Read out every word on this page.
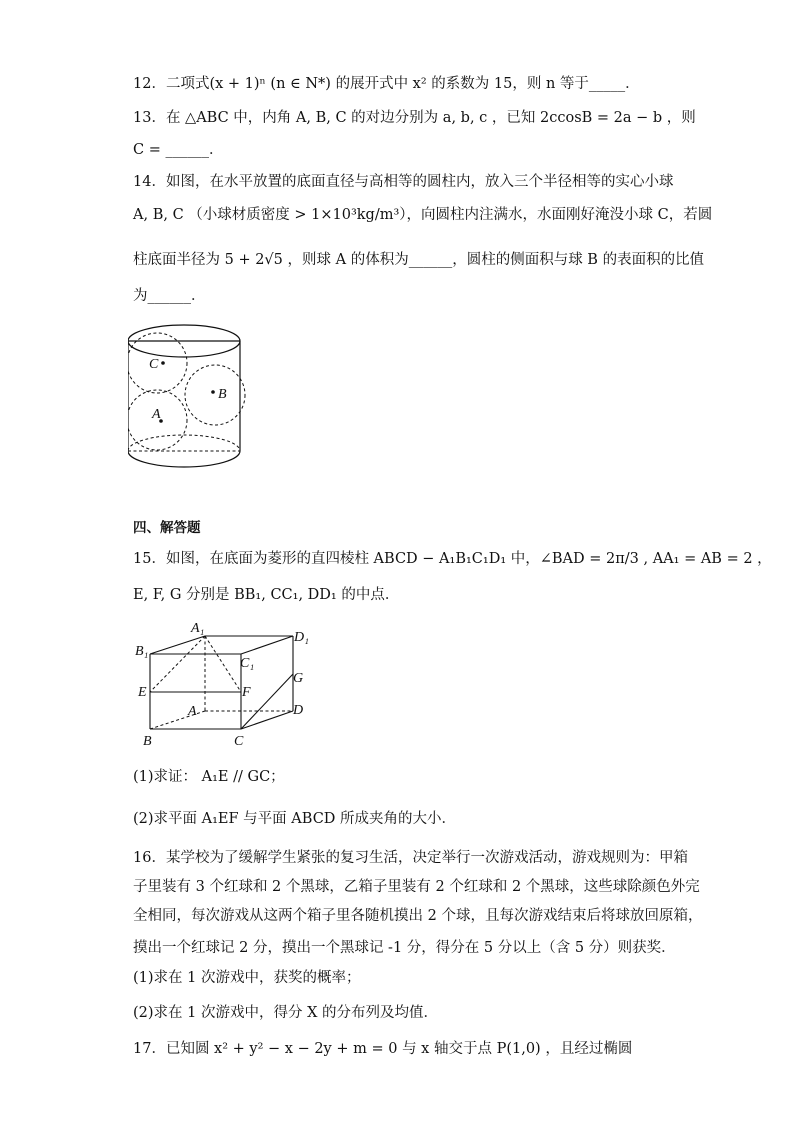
12．二项式(x + 1)ⁿ (n ∈ N*) 的展开式中 x² 的系数为 15，则 n 等于_____．
13．在 △ABC 中，内角 A, B, C 的对边分别为 a, b, c ，已知 2ccosB = 2a − b ，则
C = ______．
14．如图，在水平放置的底面直径与高相等的圆柱内，放入三个半径相等的实心小球
A, B, C （小球材质密度 > 1×10³kg/m³），向圆柱内注满水，水面刚好淹没小球 C，若圆
柱底面半径为 5 + 2√5 ，则球 A 的体积为______，圆柱的侧面积与球 B 的表面积的比值
为______．
C
B
A
四、解答题
15．如图，在底面为菱形的直四棱柱 ABCD − A₁B₁C₁D₁ 中，∠BAD = 2π/3 , AA₁ = AB = 2 ，
E, F, G 分别是 BB₁, CC₁, DD₁ 的中点．
A₁
D₁
B₁
C₁
G
E	F
A	D
B	C
(1)求证： A₁E // GC；
(2)求平面 A₁EF 与平面 ABCD 所成夹角的大小．
16．某学校为了缓解学生紧张的复习生活，决定举行一次游戏活动，游戏规则为：甲箱
子里装有 3 个红球和 2 个黑球，乙箱子里装有 2 个红球和 2 个黑球，这些球除颜色外完
全相同，每次游戏从这两个箱子里各随机摸出 2 个球，且每次游戏结束后将球放回原箱，
摸出一个红球记 2 分，摸出一个黑球记 -1 分，得分在 5 分以上（含 5 分）则获奖．
(1)求在 1 次游戏中，获奖的概率；
(2)求在 1 次游戏中，得分 X 的分布列及均值．
17．已知圆 x² + y² − x − 2y + m = 0 与 x 轴交于点 P(1,0) ，且经过椭圆
